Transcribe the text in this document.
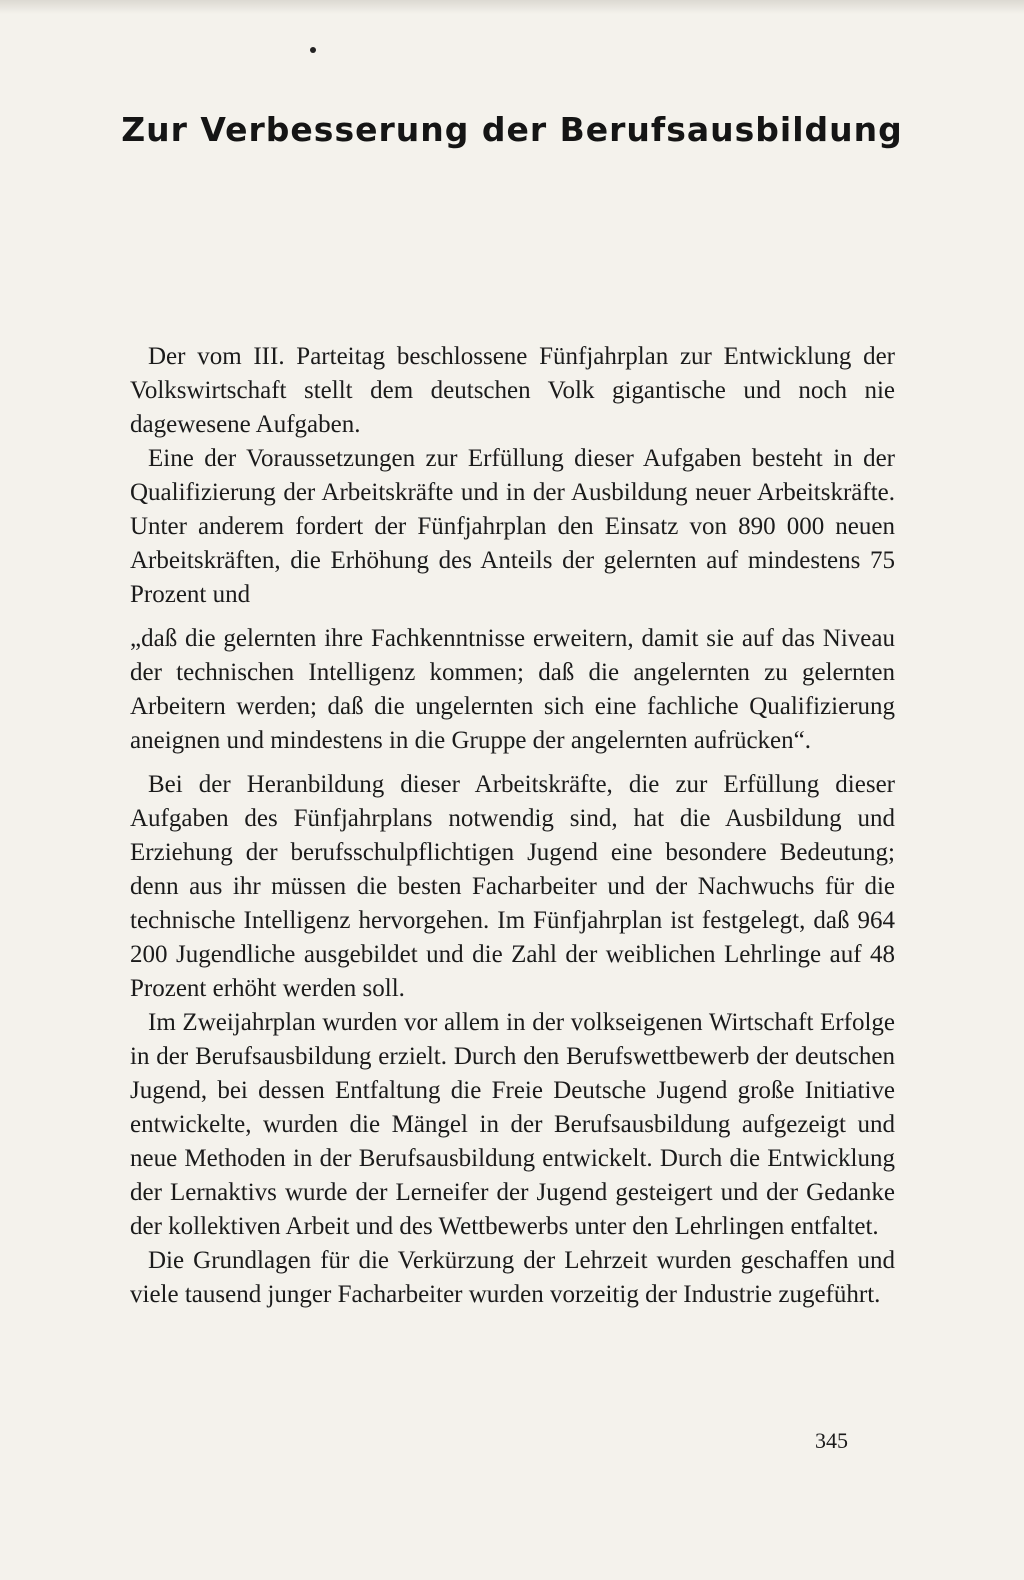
Zur Verbesserung der Berufsausbildung

Der vom III. Parteitag beschlossene Fünfjahrplan zur Entwicklung der Volkswirtschaft stellt dem deutschen Volk gigantische und noch nie dagewesene Aufgaben.

Eine der Voraussetzungen zur Erfüllung dieser Aufgaben besteht in der Qualifizierung der Arbeitskräfte und in der Ausbildung neuer Arbeitskräfte. Unter anderem fordert der Fünfjahrplan den Einsatz von 890 000 neuen Arbeitskräften, die Erhöhung des Anteils der gelernten auf mindestens 75 Prozent und

„daß die gelernten ihre Fachkenntnisse erweitern, damit sie auf das Niveau der technischen Intelligenz kommen; daß die angelernten zu gelernten Arbeitern werden; daß die ungelernten sich eine fachliche Qualifizierung aneignen und mindestens in die Gruppe der angelernten aufrücken“.

Bei der Heranbildung dieser Arbeitskräfte, die zur Erfüllung dieser Aufgaben des Fünfjahrplans notwendig sind, hat die Ausbildung und Erziehung der berufsschulpflichtigen Jugend eine besondere Bedeutung; denn aus ihr müssen die besten Facharbeiter und der Nachwuchs für die technische Intelligenz hervorgehen. Im Fünfjahrplan ist festgelegt, daß 964 200 Jugendliche ausgebildet und die Zahl der weiblichen Lehrlinge auf 48 Prozent erhöht werden soll.

Im Zweijahrplan wurden vor allem in der volkseigenen Wirtschaft Erfolge in der Berufsausbildung erzielt. Durch den Berufswettbewerb der deutschen Jugend, bei dessen Entfaltung die Freie Deutsche Jugend große Initiative entwickelte, wurden die Mängel in der Berufsausbildung aufgezeigt und neue Methoden in der Berufsausbildung entwickelt. Durch die Entwicklung der Lernaktivs wurde der Lerneifer der Jugend gesteigert und der Gedanke der kollektiven Arbeit und des Wettbewerbs unter den Lehrlingen entfaltet.

Die Grundlagen für die Verkürzung der Lehrzeit wurden geschaffen und viele tausend junger Facharbeiter wurden vorzeitig der Industrie zugeführt.

345
